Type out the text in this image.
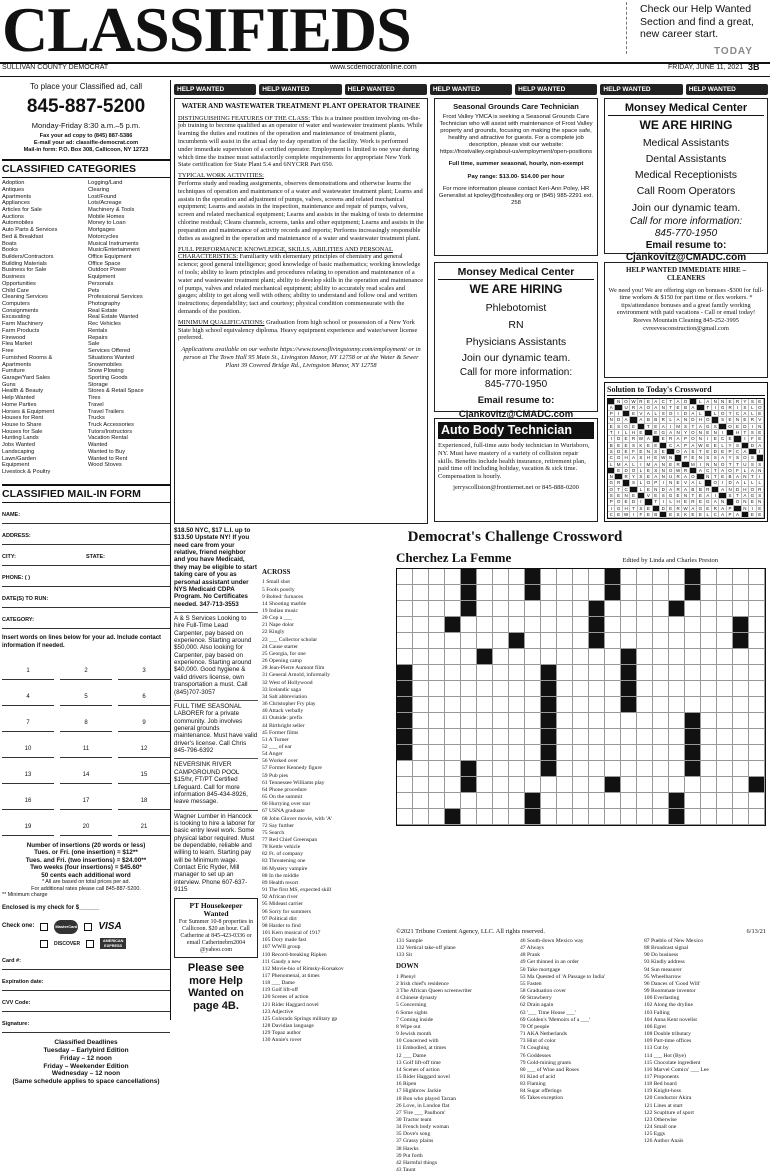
CLASSIFIEDS	Check our Help Wanted Section and find a great, new career start.
TODAY
SULLIVAN COUNTY DEMOCRAT	www.scdemocratonline.com	FRIDAY, JUNE 11, 2021 3B
To place your Classified ad, call
845-887-5200
Monday-Friday 8:30 a.m.–5 p.m.
Fax your ad copy to (845) 887-5386
E-mail your ad: classifie-democrat.com
Mail-in form: P.O. Box 308, Callicoon, NY 12723
CLASSIFIED CATEGORIES
Adoption
Antiques
Apartments
Appliances
Articles for Sale
Auctions
Automobiles
Auto Parts & Services
Bed & Breakfast
Boats
Books
Builders/Contractors
Building Materials
Business for Sale
Business
Opportunities
Child Care
Cleaning Services
Computers
Consignments
Excavating
Farm Machinery
Farm Products
Firewood
Flea Market
Free
Furnished Rooms &
Apartments
Furniture
Garage/Yard Sales
Guns
Health & Beauty
Help Wanted
Home Parties
Horses & Equipment
Houses for Rent
House to Share
Houses for Sale
Hunting Lands
Jobs Wanted
Landscaping
Lawn/Garden
Equipment
Livestock & Poultry
Logging/Land
Clearing
Lost/Found
Lots/Acreage
Machinery & Tools
Mobile Homes
Money to Loan
Mortgages
Motorcycles
Musical Instruments
Music/Entertainment
Office Equipment
Office Space
Outdoor Power
Equipment
Personals
Pets
Professional Services
Photography
Real Estate
Real Estate Wanted
Rec Vehicles
Rentals
Repairs
Sale
Services Offered
Situations Wanted
Snowmobiles
Snow Plowing
Sporting Goods
Storage
Stores & Retail Space
Tires
Travel
Travel Trailers
Trucks
Truck Accessories
Tutors/Instructors
Vacation Rental
Wanted
Wanted to Buy
Wanted to Rent
Wood Stoves
CLASSIFIED MAIL-IN FORM
NAME:
ADDRESS:
CITY:	STATE:
PHONE: ( )
DATE(S) TO RUN:
CATEGORY:
Insert words on lines below for your ad. Include contact information if needed.
1	2	3
4	5	6
7	8	9
10	11	12
13	14	15
16	17	18
19	20	21
Number of insertions (20 words or less)
Tues. or Fri. (one insertion) = $12**
Tues. and Fri. (two insertions) = $24.00**
Two weeks (four insertions) = $45.60*
50 cents each additional word
* All are based on total prices per ad.
For additional rates please call 845-887-5200.
** Minimum charge
Enclosed is my check for $______
Check one:	MasterCard VISA
DISCOVER	AMERICAN EXPRESS
Card #:
Expiration date:
CVV Code:
Signature:
Classified Deadlines
Tuesday – Earlybird Edition
Friday – 12 noon
Friday – Weekender Edition
Wednesday – 12 noon
(Same schedule applies to space cancellations)
HELP WANTED	HELP WANTED	HELP WANTED	HELP WANTED	HELP WANTED	HELP WANTED	HELP WANTED
WATER AND WASTEWATER TREATMENT PLANT OPERATOR TRAINEE
DISTINGUISHING FEATURES OF THE CLASS: This is a trainee position involving on-the-job training to become qualified as an operator of water and wastewater treatment plants. While learning the duties and routines of the operation and maintenance of treatment plants, incumbents will assist in the actual day to day operation of the facility. Work is performed under immediate supervision of a certified operator. Employment is limited to one year during which time the trainee must satisfactorily complete requirements for appropriate New York State certification for State Plant 5.4 and 6NYCRR Part 650.
TYPICAL WORK ACTIVITIES:
Performs study and reading assignments, observes demonstrations and otherwise learns the techniques of operation and maintenance of a water and wastewater treatment plant; Learns and assists in the operation and adjustment of pumps, valves, screens and related mechanical equipment; Learns and assists in the inspection, maintenance and repair of pumps, valves, screen and related mechanical equipment; Learns and assists in the making of tests to determine chlorine residual; Cleans channels, screens, tanks and other equipment; Learns and assists in the preparation and maintenance of activity records and reports; Performs increasingly responsible duties as assigned in the operation and maintenance of a water and wastewater treatment plant.
FULL PERFORMANCE KNOWLEDGE, SKILLS, ABILITIES AND PERSONAL CHARACTERISTICS: Familiarity with elementary principles of chemistry and general science; good general intelligence; good knowledge of basic mathematics; working knowledge of tools; ability to learn principles and procedures relating to operation and maintenance of a water and wastewater treatment plant; ability to develop skills in the operation and maintenance of pumps, valves and related mechanical equipment; ability to accurately read scales and gauges; ability to get along well with others; ability to understand and follow oral and written instructions; dependability; tact and courtesy; physical condition commensurate with the demands of the position.
MINIMUM QUALIFICATIONS: Graduation from high school or possession of a New York State high school equivalency diploma. Heavy equipment experience and water/sewer license preferred.
Applications available on our website https://www.townoflivingstonny.com/employment/ or in person at The Town Hall 95 Main St., Livingston Manor, NY 12758 or at the Water & Sewer Plant 39 Covered Bridge Rd., Livingston Manor, NY 12758
Seasonal Grounds Care Technician
Frost Valley YMCA is seeking a Seasonal Grounds Care Technician who will assist with maintenance of Frost Valley property and grounds, focusing on making the space safe, healthy and attractive for guests. For a complete job description, please visit our website: https://frostvalley.org/about-us/employment/open-positions
Full time, summer seasonal, hourly, non-exempt
Pay range: $13.00- $14.00 per hour
For more information please contact Keri-Ann Poley, HR Generalist at kpoley@frostvalley.org or (845) 985-2291 ext. 258
Monsey Medical Center
WE ARE HIRING
Medical Assistants
Dental Assistants
Medical Receptionists
Call Room Operators
Join our dynamic team.
Call for more information:
845-770-1950
Email resume to:
Cjankovitz@CMADC.com
Monsey Medical Center
WE ARE HIRING
Phlebotomist
RN
Physicians Assistants
Join our dynamic team.
Call for more information:
845-770-1950
Email resume to:
Cjankovitz@CMADC.com
HELP WANTED IMMEDIATE HIRE – CLEANERS
We need you! We are offering sign on bonuses -$300 for full-time workers & $150 for part time or flex workers. * tips/attendance bonuses and a great family working environment with paid vacations - Call or email today! Reeves Mountain Cleaning 845-252-3995 cvreevesconstruction@gmail.com
Solution to Today's Crossword
N O W R E A C T	A O	L	A N N E R Y S E
A	U R A O A N T	E B A	T	I	G R	I	S	L O
P	I	E V A	L	S O	I	D A	L	L O T C A	L	E
N D A	A B B R	L	A N D H O	S E N E R V
E S G E	T	E A	I	M S	T	A G S	O E D	I	N
T	I	L	H E	E G A N Y O N E N	I	H T	S E
I	D E R W A	E R A P O N	I	E C E	I	F	E
B E E S K E E	C A P A W E E	L	Y S	D A
S D E	F	E N S E	O A S	T	E D E P C A	I
C O H A S H E W N	P E N S S A Y S O S
L M A	L	I	M A N E R	M	I	N N O T	T U S S
E D O L	E S N O W R	A C T	A O F	L	A N
N	R Y S E A N U R A O	N T	E B A N T	I
G R	S	L O P	I	N E V A	L	O	I	D A	L	L	L
O T C	L	E N D A R A B B R	A N D H O R
S E N E	V E S G E N T	E A	I	S	T	A G S
P O E D	I	T	I	L	H E R E G A N	O N E N
I	G H T	S E	D E R W A G E R A P	N	I	E
C E W	I	F	E B	E S K E E	L	C A P A	E E
Auto Body Technician
Experienced, full-time auto body technician in Wurtsboro, NY. Must have mastery of a variety of collision repair skills. Benefits include health insurance, retirement plan, paid time off including holiday, vacation & sick time. Compensation is hourly.
jerryscollision@frontiernet.net or 845-888-0200
$18.50 NYC, $17 L.I. up to $13.50 Upstate NY! If you need care from your relative, friend neighbor and you have Medicaid, they may be eligible to start taking care of you as personal assistant under NYS Medicaid CDPA Program. No Certificates needed. 347-713-3553
A & S Services Looking to hire Full-Time Lead Carpenter, pay based on experience. Starting around $50,000. Also looking for Carpenter, pay based on experience. Starting around $40,000. Good hygiene & valid drivers license, own transportation a must. Call (845)707-3057
FULL TIME SEASONAL LABORER for a private community. Job involves general grounds maintenance. Must have valid driver's license. Call Chris 845-796-6392
NEVERSINK RIVER CAMPGROUND POOL $15/hr, FT/PT Certified Lifeguard. Call for more information 845-434-8926, leave message.
Wagner Lumber in Hancock is looking to hire a laborer for basic entry level work. Some physical labor required. Must be dependable, reliable and willing to learn. Starting pay will be Minimum wage. Contact Eric Ryder, Mill manager to set up an interview. Phone 607-637-9115
PT Housekeeper Wanted
For Summer 10-8 properties in Callicoon. $20 an hour. Call Catherine at 845-423-0336 or email Catherinebrn2004 @yahoo.com
Please see more Help Wanted on page 4B.
Democrat's Challenge Crossword
Cherchez La Femme	Edited by Linda and Charles Preston
ACROSS
1 Small shot
5 Fools poorly
9 Bolted: furnaces
14 Shooting marble
19 Indian music
20 Cop a ___
21 Nape dolor
22 Kingly
23 ___ Collector scholar
24 Cause starter
25 Georgia, for one
26 Opening camp
28 Jean-Pierre Aumont film
31 General Arnold, informally
32 West of Hollywood
33 Icelandic saga
34 Salt abbreviation
36 Christopher Fry play
40 Attack verbally
41 Outside: prefix
44 Birthright seller
45 Former films
51 A Turner
52 ___ of ear
54 Anger
56 Worked over
57 Former Kennedy figure
59 Pub pies
61 Tennessee Williams play
64 Phone procedure
65 On the summit
66 Hurrying over star
67 USNA graduate
68 John Glover movie, with 'A'
72 Say further
75 Search
77 Red Chief Greenspan
78 Kettle vehicle
82 Ft. of company
83 Threatening one
86 Mystery vampire
88 In the middle
89 Health resort
91 The first MS, expected skill
92 African river
95 Mideast carrier
96 Sorry for summers
97 Political dirt
98 Harder to find
101 Kern musical of 1917
105 Dory made fast
107 WWII group
110 Record-breaking Ripken
111 Gaudy a new
112 Movie-bio of Rimsky-Korsakov
117 Phenomenal, at times
118 ___ Dame
119 Golf lift-off
120 Scenes of action
121 Rider Haggard novel
123 Adjective
125 Colorado Springs military gp
128 Davidian language
129 Topaz author
130 Annie's rover
©2021 Tribune Content Agency, LLC. All rights reserved.	6/13/21
131 Sample
132 Vertical take-off plane
133 Sit
DOWN
1 Phenyl
2 Irish chief's residence
3 The African Queen screenwriter
4 Chinese dynasty
5 Concerning
6 Some sights
7 Coming inside
8 Wipe out
9 Jewish month
10 Concerned with
11 Embodied, at times
12 ___ Dame
13 Golf lift-off time
14 Scenes of action
15 Rider Haggard novel
16 Ripen
17 Highbrow Jackie
18 Bon who played Tarzan
26 Love, in London flat
27 'Fire ___ Paulhorn'
30 Tractor team
34 French body woman
35 Dove's song
37 Grassy plains
38 Hawks
39 Put forth
42 Harmful things
43 Taunt
46 South-down Mexico way
47 Always
48 Prank
49 Get thinned in an order
50 Take mortgage
53 Ma Quested of 'A Passage to India'
55 Fasten
58 Graduation cover
60 Strawberry
62 Drain again
63 '___ Time House ___'
69 Golden's 'Memoirs of a ___'
70 Of people
71 AKA Netherlands
73 Hint of color
74 Coughing
76 Goddesses
79 Gold-mining grants
80 ___ of Wine and Roses
81 Kind of acid
83 Flaming
84 Sugar offerings
85 Takes exception
87 Pueblo of New Mexico
88 Broadcast signal
90 Do business
93 Kindly address
94 Sun measurer
95 Wheelbarrow
96 Dances of 'Good Will'
99 Roommate inventor
100 Everlasting
102 Along the dryline
103 Falling
104 Anna Kent novelist
106 Egret
108 Double tributary
109 Part-time offices
113 Cut by
114 ___ Hot (Bye)
115 Chocolate ingredient
116 Marvel Comics' ___ Lee
117 Proponents
118 Bed board
119 Knight-hoss
120 Conductor Akira
121 Lines at start
122 Scuplture of sport
123 Otherwise
124 Small one
125 Eggs
126 Author Anaïs
